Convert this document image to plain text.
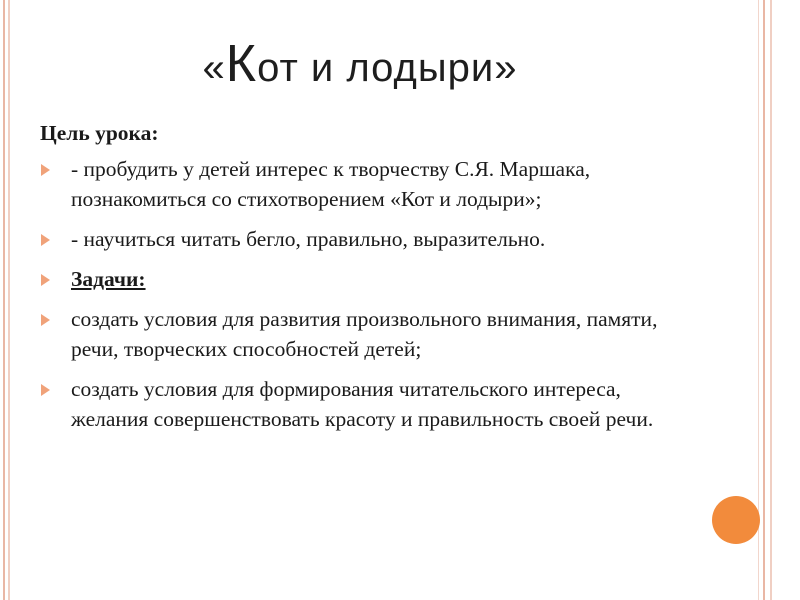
«Кот и лодыри»
Цель урока:
- пробудить у детей интерес к творчеству С.Я. Маршака, познакомиться со стихотворением «Кот и лодыри»;
- научиться читать бегло, правильно, выразительно.
Задачи:
создать условия для развития произвольного внимания, памяти, речи, творческих способностей детей;
создать условия для формирования читательского интереса, желания совершенствовать красоту и правильность своей речи.
